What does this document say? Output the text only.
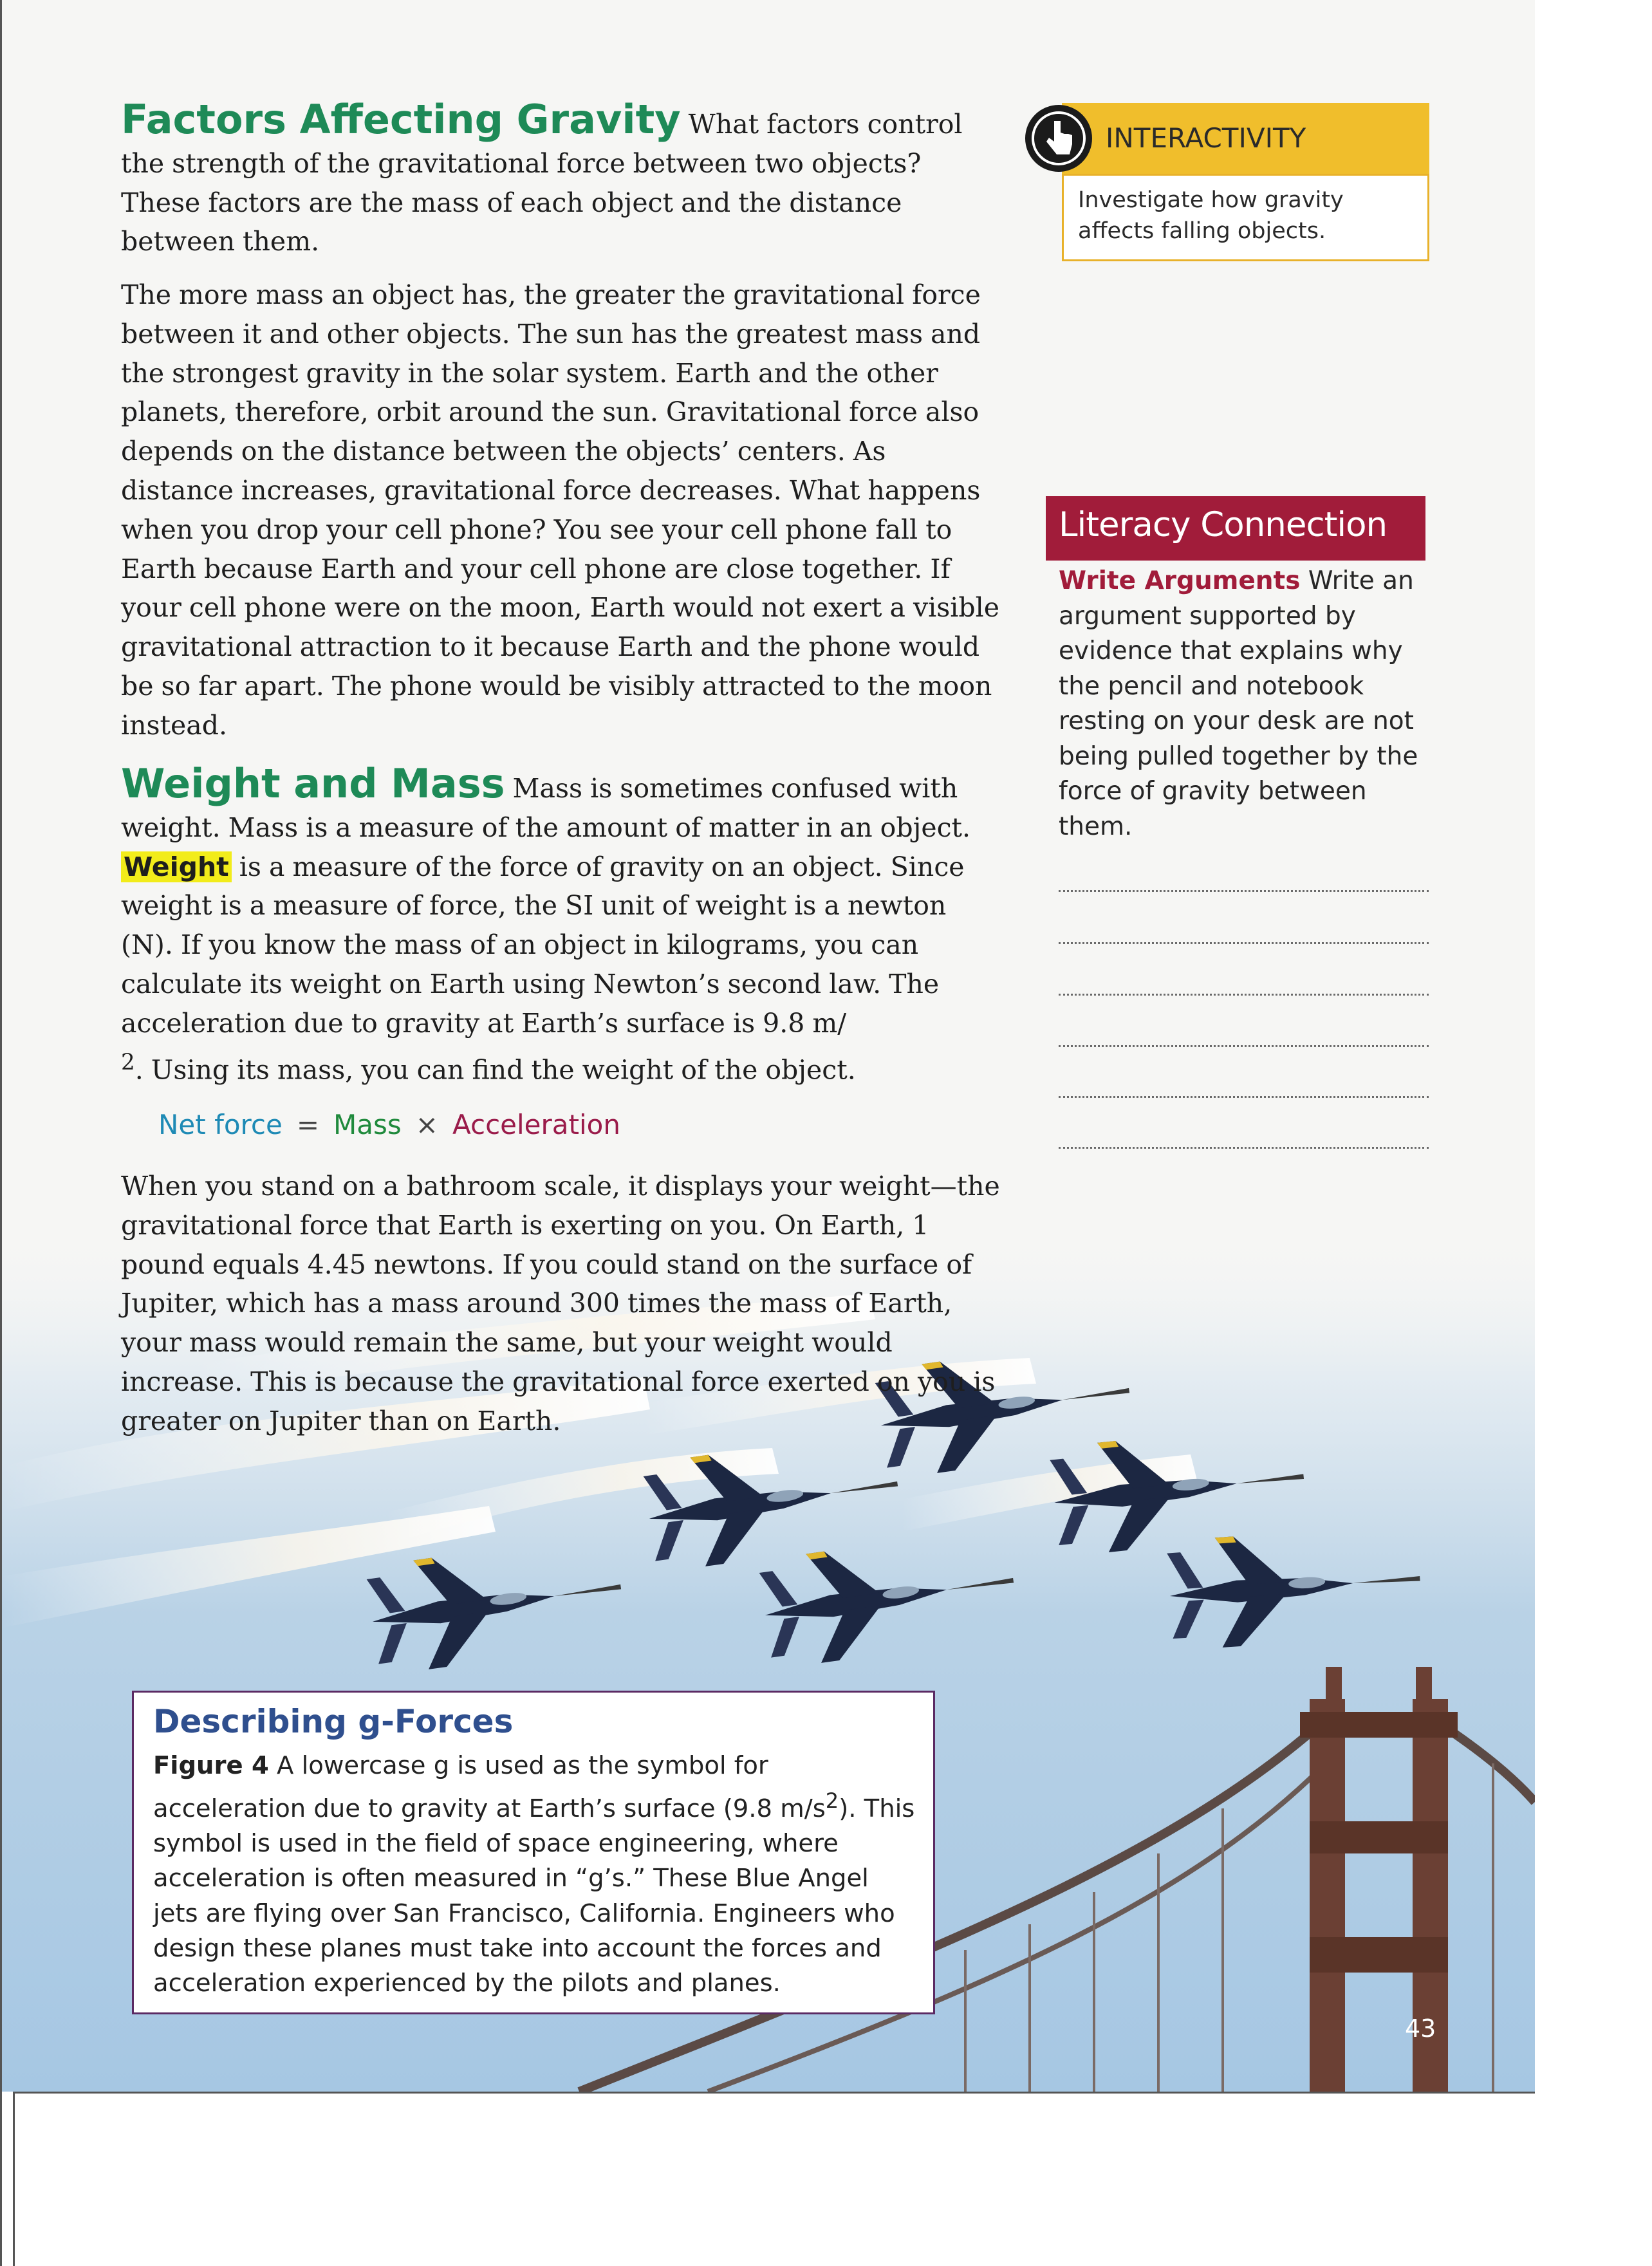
Factors Affecting Gravity What factors control the strength of the gravitational force between two objects? These factors are the mass of each object and the distance between them.

The more mass an object has, the greater the gravitational force between it and other objects. The sun has the greatest mass and the strongest gravity in the solar system. Earth and the other planets, therefore, orbit around the sun. Gravitational force also depends on the distance between the objects’ centers. As distance increases, gravitational force decreases. What happens when you drop your cell phone? You see your cell phone fall to Earth because Earth and your cell phone are close together. If your cell phone were on the moon, Earth would not exert a visible gravitational attraction to it because Earth and the phone would be so far apart. The phone would be visibly attracted to the moon instead.

Weight and Mass Mass is sometimes confused with weight. Mass is a measure of the amount of matter in an object. Weight is a measure of the force of gravity on an object. Since weight is a measure of force, the SI unit of weight is a newton (N). If you know the mass of an object in kilograms, you can calculate its weight on Earth using Newton’s second law. The acceleration due to gravity at Earth’s surface is 9.8 m/
$^2$. Using its mass, you can find the weight of the object.

Net force = Mass × Acceleration

When you stand on a bathroom scale, it displays your weight—the gravitational force that Earth is exerting on you. On Earth, 1 pound equals 4.45 newtons. If you could stand on the surface of Jupiter, which has a mass around 300 times the mass of Earth, your mass would remain the same, but your weight would increase. This is because the gravitational force exerted on you is greater on Jupiter than on Earth.

INTERACTIVITY
Investigate how gravity affects falling objects.
Literacy Connection
Write Arguments Write an argument supported by evidence that explains why the pencil and notebook resting on your desk are not being pulled together by the force of gravity between them.
Describing g-Forces
Figure 4 A lowercase g is used as the symbol for acceleration due to gravity at Earth’s surface (9.8 $m/s^2$). This symbol is used in the field of space engineering, where acceleration is often measured in “g’s.” These Blue Angel jets are flying over San Francisco, California. Engineers who design these planes must take into account the forces and acceleration experienced by the pilots and planes.
43
